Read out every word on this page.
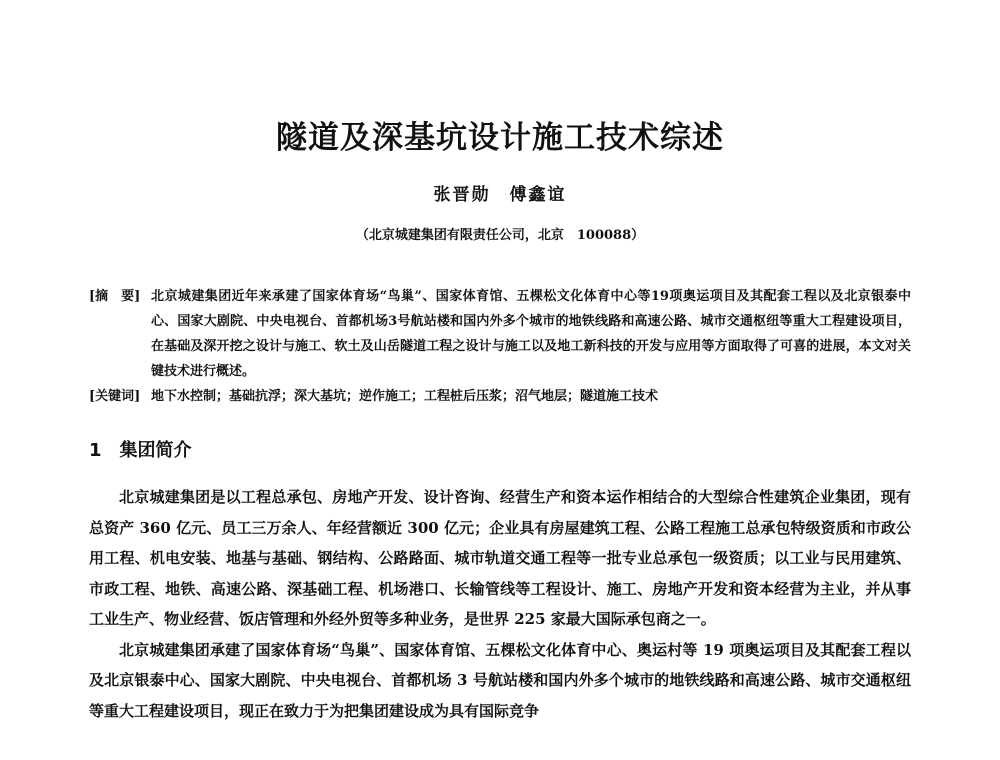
隧道及深基坑设计施工技术综述
张晋勋　傅鑫谊
（北京城建集团有限责任公司，北京　100088）
[摘　要] 北京城建集团近年来承建了国家体育场“鸟巢”、国家体育馆、五棵松文化体育中心等19项奥运项目及其配套工程以及北京银泰中心、国家大剧院、中央电视台、首都机场3号航站楼和国内外多个城市的地铁线路和高速公路、城市交通枢纽等重大工程建设项目，在基础及深开挖之设计与施工、软土及山岳隧道工程之设计与施工以及地工新科技的开发与应用等方面取得了可喜的进展，本文对关键技术进行概述。
[关键词] 地下水控制；基础抗浮；深大基坑；逆作施工；工程桩后压浆；沼气地层；隧道施工技术
1　集团简介

北京城建集团是以工程总承包、房地产开发、设计咨询、经营生产和资本运作相结合的大型综合性建筑企业集团，现有总资产 360 亿元、员工三万余人、年经营额近 300 亿元；企业具有房屋建筑工程、公路工程施工总承包特级资质和市政公用工程、机电安装、地基与基础、钢结构、公路路面、城市轨道交通工程等一批专业总承包一级资质；以工业与民用建筑、市政工程、地铁、高速公路、深基础工程、机场港口、长输管线等工程设计、施工、房地产开发和资本经营为主业，并从事工业生产、物业经营、饭店管理和外经外贸等多种业务，是世界 225 家最大国际承包商之一。

北京城建集团承建了国家体育场“鸟巢”、国家体育馆、五棵松文化体育中心、奥运村等 19 项奥运项目及其配套工程以及北京银泰中心、国家大剧院、中央电视台、首都机场 3 号航站楼和国内外多个城市的地铁线路和高速公路、城市交通枢纽等重大工程建设项目，现正在致力于为把集团建设成为具有国际竞争
